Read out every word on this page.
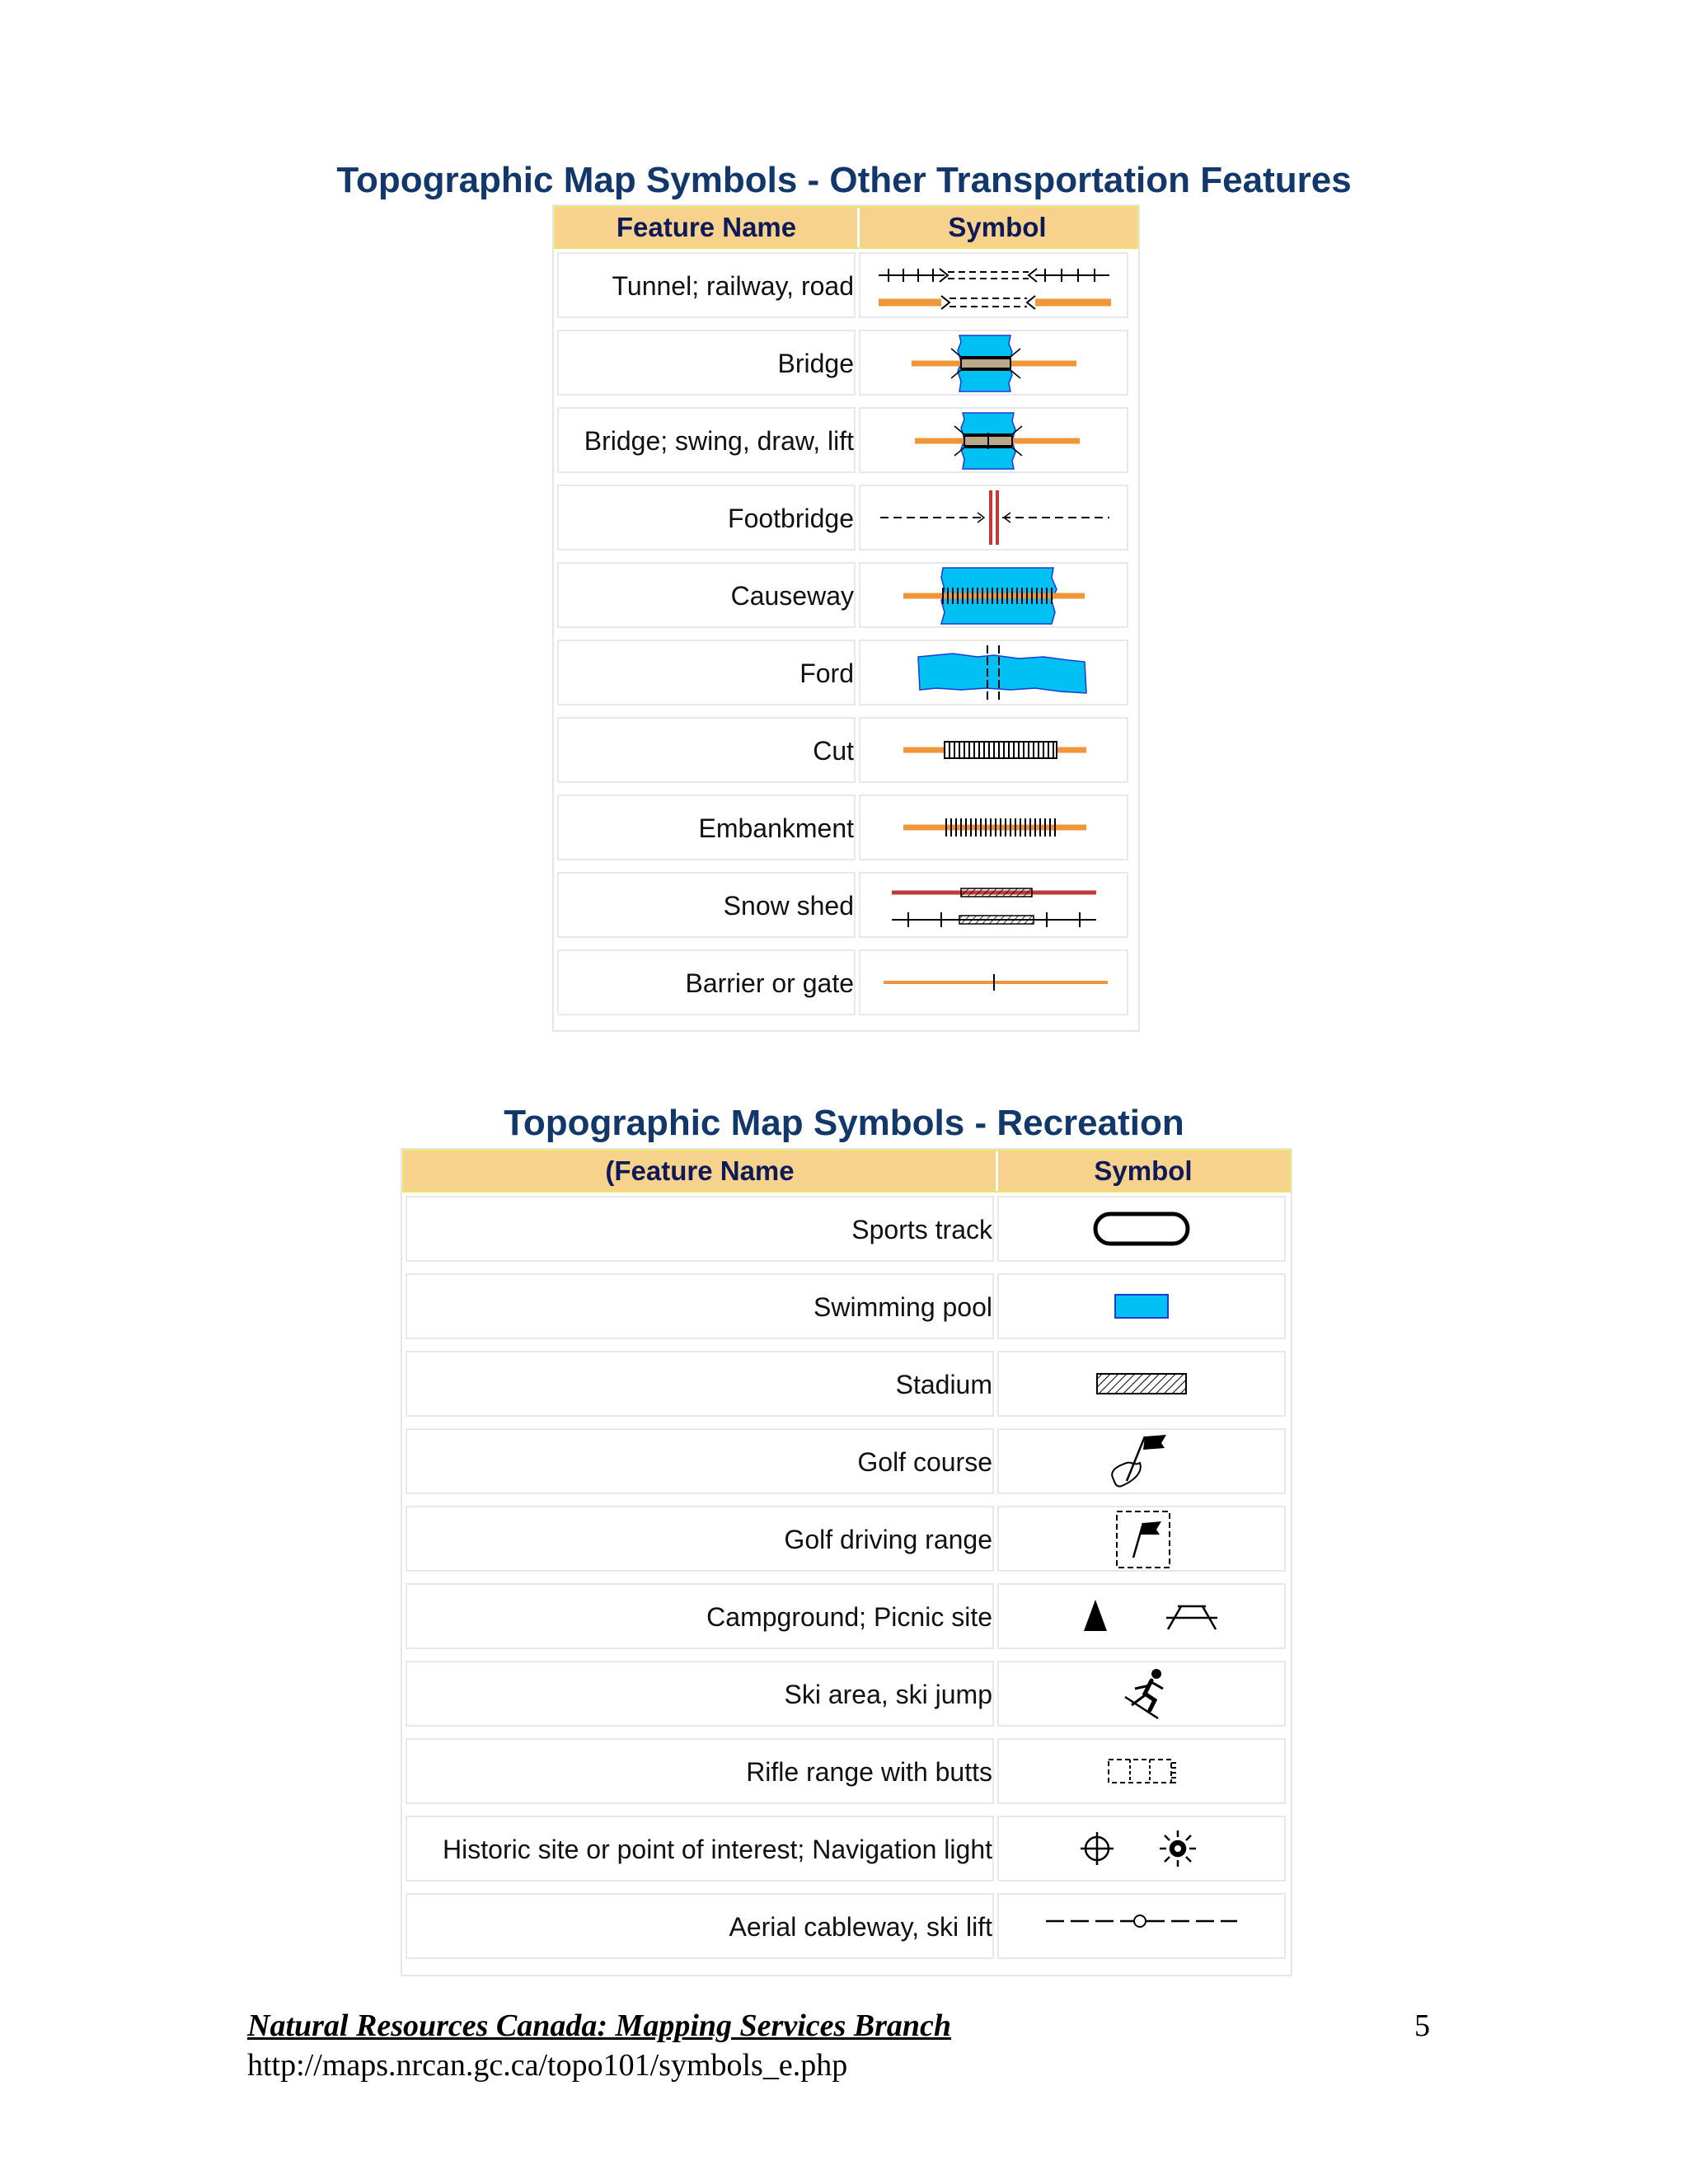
Topographic Map Symbols - Other Transportation Features
Feature Name	Symbol
Tunnel; railway, road
Bridge
Bridge; swing, draw, lift
Footbridge
Causeway
Ford
Cut
Embankment
Snow shed
Barrier or gate
Topographic Map Symbols - Recreation
(Feature Name	Symbol
Sports track
Swimming pool
Stadium
Golf course
Golf driving range
Campground; Picnic site
Ski area, ski jump
Rifle range with butts
Historic site or point of interest; Navigation light
Aerial cableway, ski lift
Natural Resources Canada: Mapping Services Branch
http://maps.nrcan.gc.ca/topo101/symbols_e.php
5
